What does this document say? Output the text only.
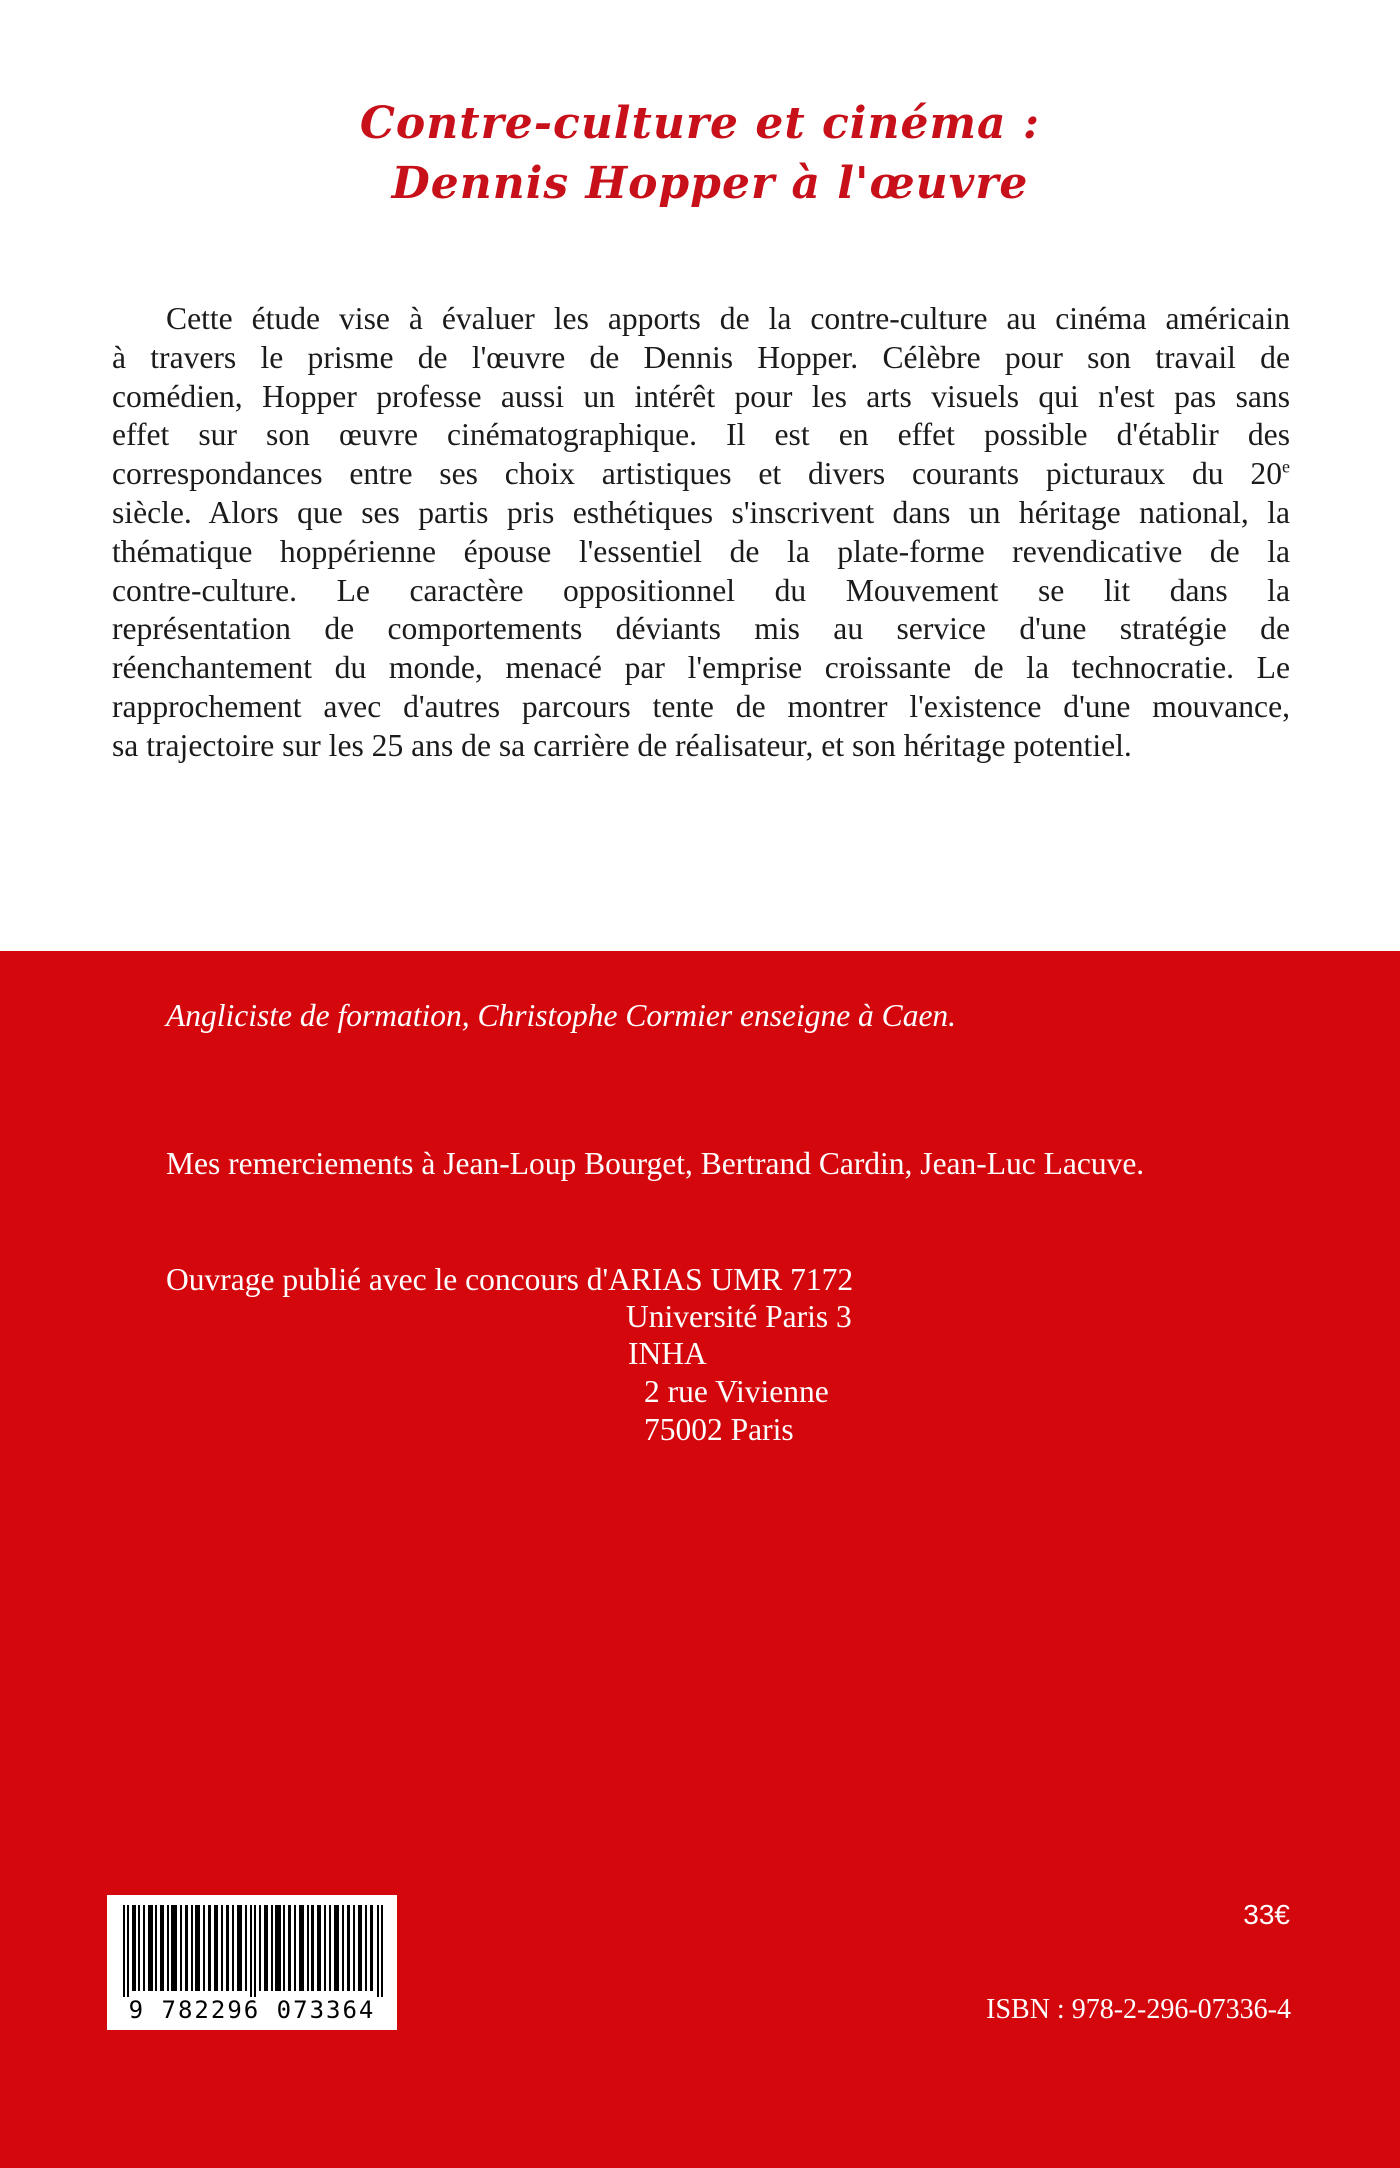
Contre-culture et cinéma :
Dennis Hopper à l'œuvre
Cette étude vise à évaluer les apports de la contre-culture au cinéma américain
à travers le prisme de l'œuvre de Dennis Hopper. Célèbre pour son travail de
comédien, Hopper professe aussi un intérêt pour les arts visuels qui n'est pas sans
effet sur son œuvre cinématographique. Il est en effet possible d'établir des
correspondances entre ses choix artistiques et divers courants picturaux du 20e
siècle. Alors que ses partis pris esthétiques s'inscrivent dans un héritage national, la
thématique hoppérienne épouse l'essentiel de la plate-forme revendicative de la
contre-culture. Le caractère oppositionnel du Mouvement se lit dans la
représentation de comportements déviants mis au service d'une stratégie de
réenchantement du monde, menacé par l'emprise croissante de la technocratie. Le
rapprochement avec d'autres parcours tente de montrer l'existence d'une mouvance,
sa trajectoire sur les 25 ans de sa carrière de réalisateur, et son héritage potentiel.

Angliciste de formation, Christophe Cormier enseigne à Caen.

Mes remerciements à Jean-Loup Bourget, Bertrand Cardin, Jean-Luc Lacuve.

Ouvrage publié avec le concours d'ARIAS UMR 7172

Université Paris 3

INHA

2 rue Vivienne

75002 Paris

9 782296 073364
33€
ISBN : 978-2-296-07336-4
